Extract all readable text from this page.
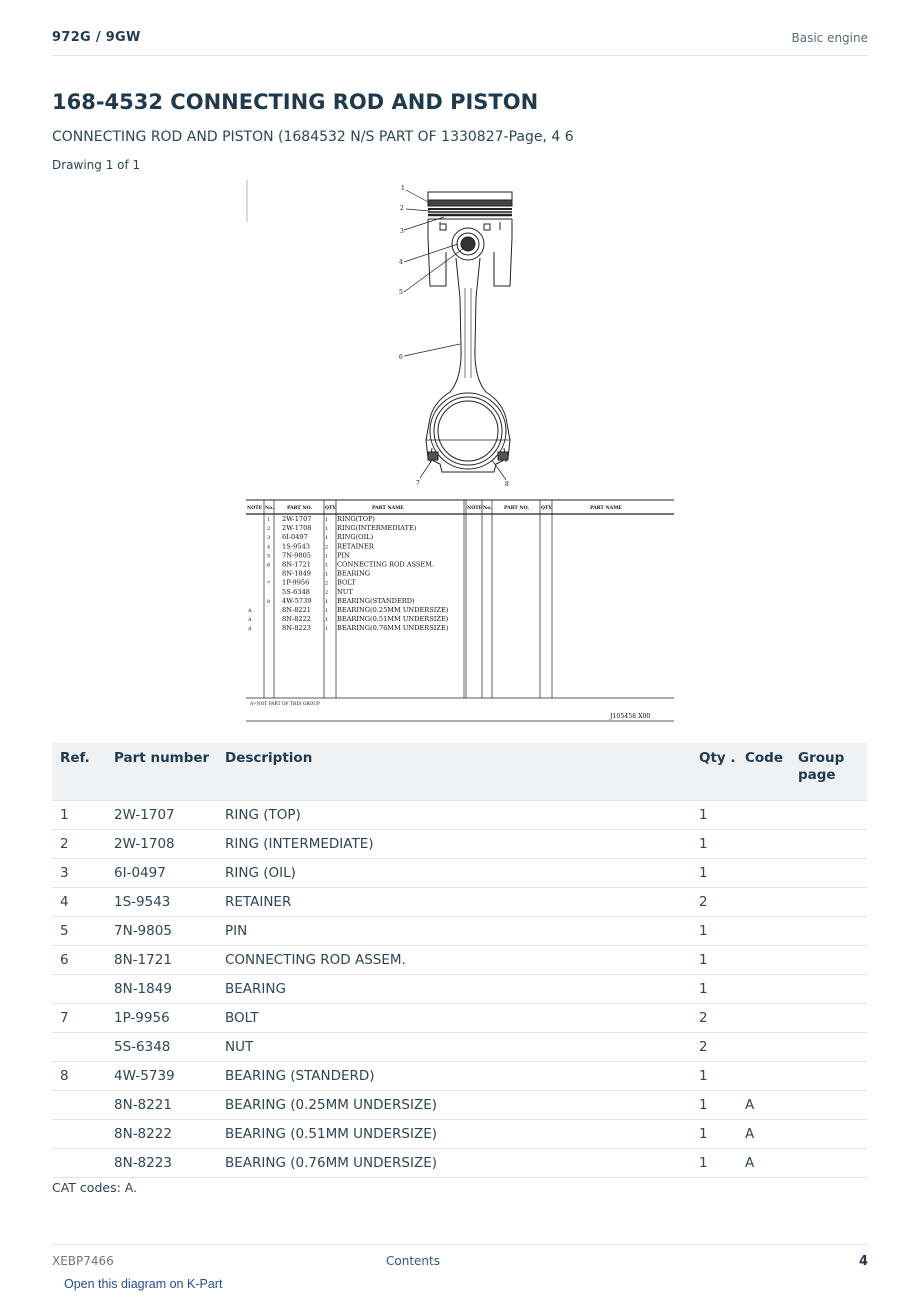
972G / 9GW	Basic engine
168-4532 CONNECTING ROD AND PISTON
CONNECTING ROD AND PISTON (1684532 N/S PART OF 1330827-Page, 4 6
Drawing 1 of 1
1
2
3
4
5
6
7	8
NOTE No.	PART NO.	QTY.	PART NAME	NOTE No.	PART NO.	QTY.	PART NAME
1 2W-1707	1 RING(TOP)
2 2W-1708	1 RING(INTERMEDIATE)
3 6I-0497	1 RING(OIL)
4 1S-9543	2 RETAINER
5 7N-9805	1 PIN
6 8N-1721	1 CONNECTING ROD ASSEM.
8N-1849	1 BEARING
7 1P-9956	2 BOLT
5S-6348	2 NUT
8 4W-5739	1 BEARING(STANDERD)
A	8N-8221	1 BEARING(0.25MM UNDERSIZE)
A	8N-8222	1 BEARING(0.51MM UNDERSIZE)
A	8N-8223	1 BEARING(0.76MM UNDERSIZE)
A=NOT PART OF THIS GROUP
J105458 X00
Ref.	Part number	Description	Qty .	Code	Group page
1	2W-1707	RING (TOP)	1		
2	2W-1708	RING (INTERMEDIATE)	1		
3	6I-0497	RING (OIL)	1		
4	1S-9543	RETAINER	2		
5	7N-9805	PIN	1		
6	8N-1721	CONNECTING ROD ASSEM.	1		
	8N-1849	BEARING	1		
7	1P-9956	BOLT	2		
	5S-6348	NUT	2		
8	4W-5739	BEARING (STANDERD)	1		
	8N-8221	BEARING (0.25MM UNDERSIZE)	1	A	
	8N-8222	BEARING (0.51MM UNDERSIZE)	1	A	
	8N-8223	BEARING (0.76MM UNDERSIZE)	1	A	
CAT codes: A.
XEBP7466	Contents	4
Open this diagram on K-Part
